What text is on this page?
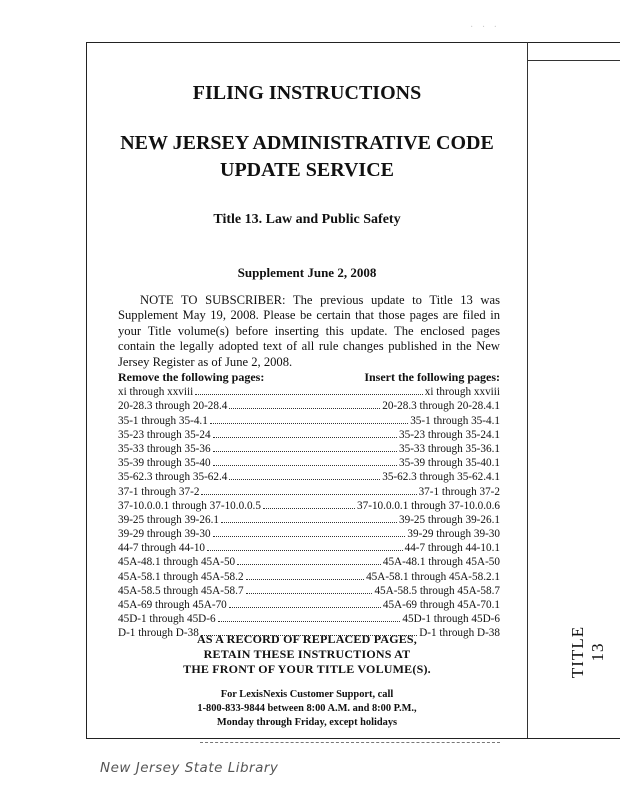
· · ·
FILING INSTRUCTIONS
NEW JERSEY ADMINISTRATIVE CODE
UPDATE SERVICE
Title 13. Law and Public Safety
Supplement June 2, 2008
NOTE TO SUBSCRIBER: The previous update to Title 13 was Supplement May 19, 2008. Please be certain that those pages are filed in your Title volume(s) before inserting this update. The enclosed pages contain the legally adopted text of all rule changes published in the New Jersey Register as of June 2, 2008.
Remove the following pages:	Insert the following pages:
xi through xxviii	xi through xxviii
20-28.3 through 20-28.4	20-28.3 through 20-28.4.1
35-1 through 35-4.1	35-1 through 35-4.1
35-23 through 35-24	35-23 through 35-24.1
35-33 through 35-36	35-33 through 35-36.1
35-39 through 35-40	35-39 through 35-40.1
35-62.3 through 35-62.4	35-62.3 through 35-62.4.1
37-1 through 37-2	37-1 through 37-2
37-10.0.0.1 through 37-10.0.0.5	37-10.0.0.1 through 37-10.0.0.6
39-25 through 39-26.1	39-25 through 39-26.1
39-29 through 39-30	39-29 through 39-30
44-7 through 44-10	44-7 through 44-10.1
45A-48.1 through 45A-50	45A-48.1 through 45A-50
45A-58.1 through 45A-58.2	45A-58.1 through 45A-58.2.1
45A-58.5 through 45A-58.7	45A-58.5 through 45A-58.7
45A-69 through 45A-70	45A-69 through 45A-70.1
45D-1 through 45D-6	45D-1 through 45D-6
D-1 through D-38	D-1 through D-38
AS A RECORD OF REPLACED PAGES,
RETAIN THESE INSTRUCTIONS AT
THE FRONT OF YOUR TITLE VOLUME(S).
For LexisNexis Customer Support, call
1-800-833-9844 between 8:00 A.M. and 8:00 P.M.,
Monday through Friday, except holidays
TITLE 13
New Jersey State Library
